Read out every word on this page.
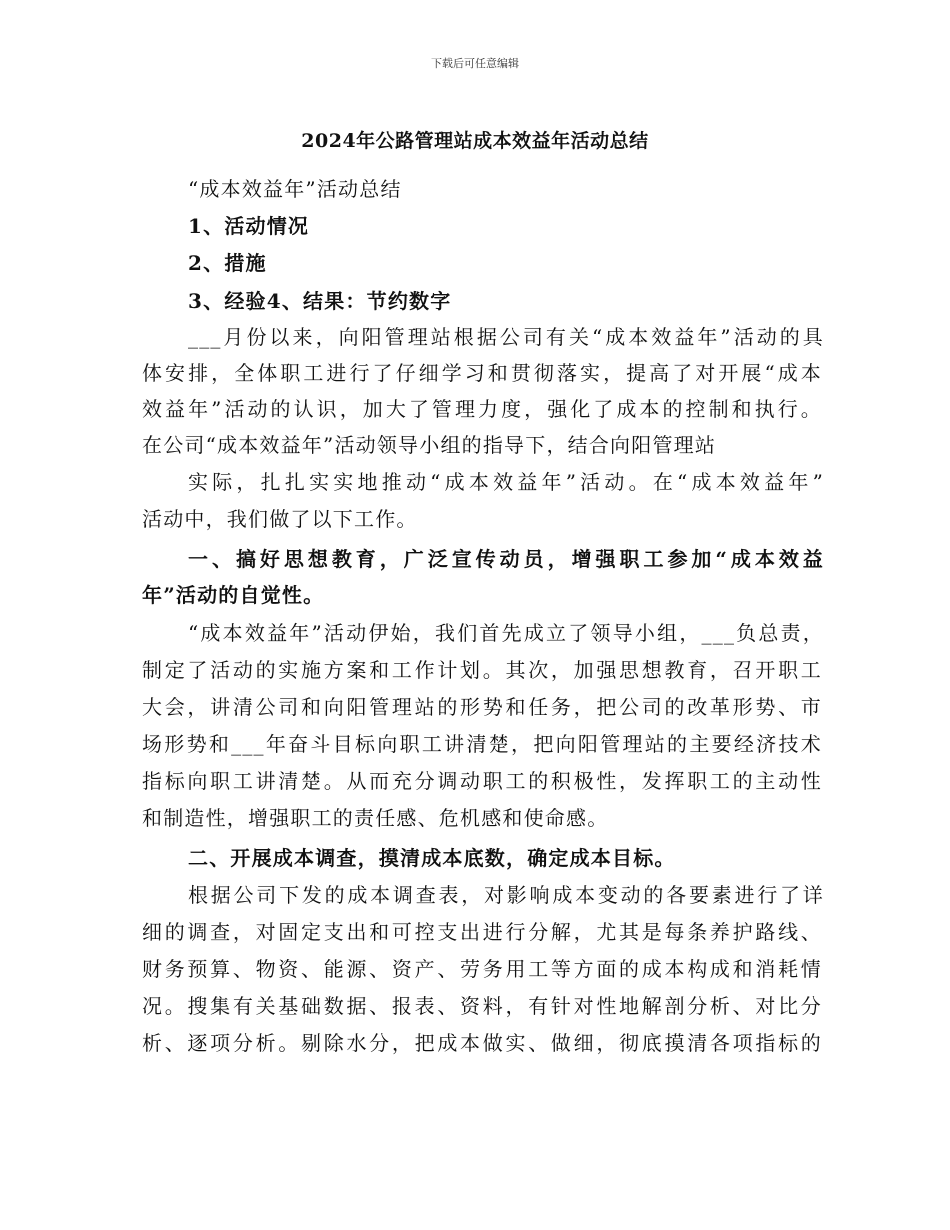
下载后可任意编辑
2024年公路管理站成本效益年活动总结
“成本效益年”活动总结
1、活动情况
2、措施
3、经验4、结果：节约数字
___月份以来，向阳管理站根据公司有关“成本效益年”活动的具
体安排，全体职工进行了仔细学习和贯彻落实，提高了对开展“成本
效益年”活动的认识，加大了管理力度，强化了成本的控制和执行。
在公司“成本效益年”活动领导小组的指导下，结合向阳管理站
实际，扎扎实实地推动“成本效益年”活动。在“成本效益年”
活动中，我们做了以下工作。
一、搞好思想教育，广泛宣传动员，增强职工参加“成本效益
年”活动的自觉性。
“成本效益年”活动伊始，我们首先成立了领导小组，___负总责，
制定了活动的实施方案和工作计划。其次，加强思想教育，召开职工
大会，讲清公司和向阳管理站的形势和任务，把公司的改革形势、市
场形势和___年奋斗目标向职工讲清楚，把向阳管理站的主要经济技术
指标向职工讲清楚。从而充分调动职工的积极性，发挥职工的主动性
和制造性，增强职工的责任感、危机感和使命感。
二、开展成本调查，摸清成本底数，确定成本目标。
根据公司下发的成本调查表，对影响成本变动的各要素进行了详
细的调查，对固定支出和可控支出进行分解，尤其是每条养护路线、
财务预算、物资、能源、资产、劳务用工等方面的成本构成和消耗情
况。搜集有关基础数据、报表、资料，有针对性地解剖分析、对比分
析、逐项分析。剔除水分，把成本做实、做细，彻底摸清各项指标的
